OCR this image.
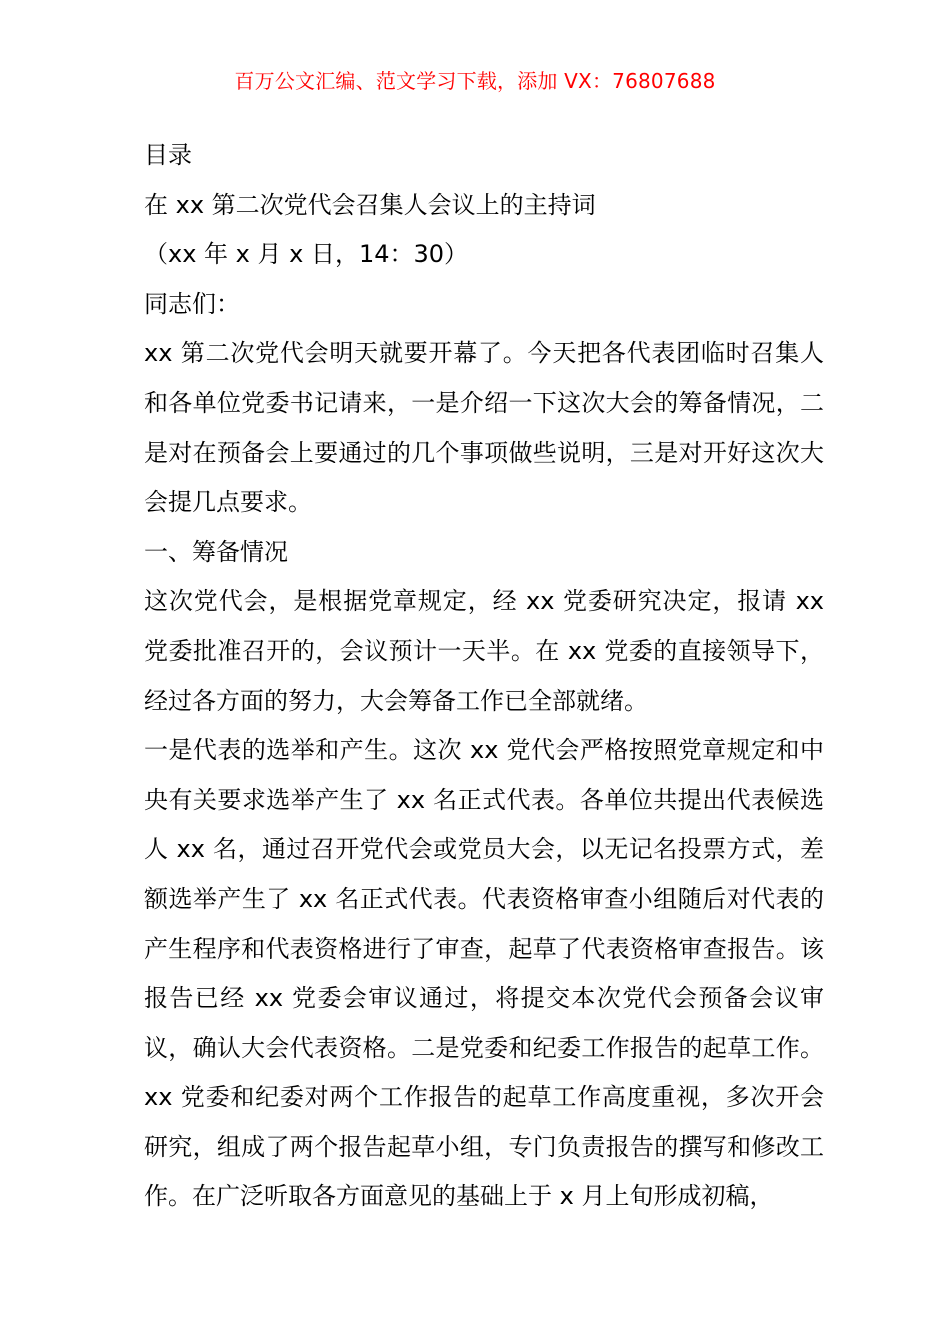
百万公文汇编、范文学习下载，添加 VX：76807688

目录

在 xx 第二次党代会召集人会议上的主持词

（xx 年 x 月 x 日，14：30）

同志们：

xx 第二次党代会明天就要开幕了。今天把各代表团临时召集人和各单位党委书记请来，一是介绍一下这次大会的筹备情况，二是对在预备会上要通过的几个事项做些说明，三是对开好这次大会提几点要求。

一、筹备情况

这次党代会，是根据党章规定，经 xx 党委研究决定，报请 xx 党委批准召开的，会议预计一天半。在 xx 党委的直接领导下，经过各方面的努力，大会筹备工作已全部就绪。

一是代表的选举和产生。这次 xx 党代会严格按照党章规定和中央有关要求选举产生了 xx 名正式代表。各单位共提出代表候选人 xx 名，通过召开党代会或党员大会，以无记名投票方式，差额选举产生了 xx 名正式代表。代表资格审查小组随后对代表的产生程序和代表资格进行了审查，起草了代表资格审查报告。该报告已经 xx 党委会审议通过，将提交本次党代会预备会议审议，确认大会代表资格。二是党委和纪委工作报告的起草工作。xx 党委和纪委对两个工作报告的起草工作高度重视，多次开会研究，组成了两个报告起草小组，专门负责报告的撰写和修改工作。在广泛听取各方面意见的基础上于 x 月上旬形成初稿，
